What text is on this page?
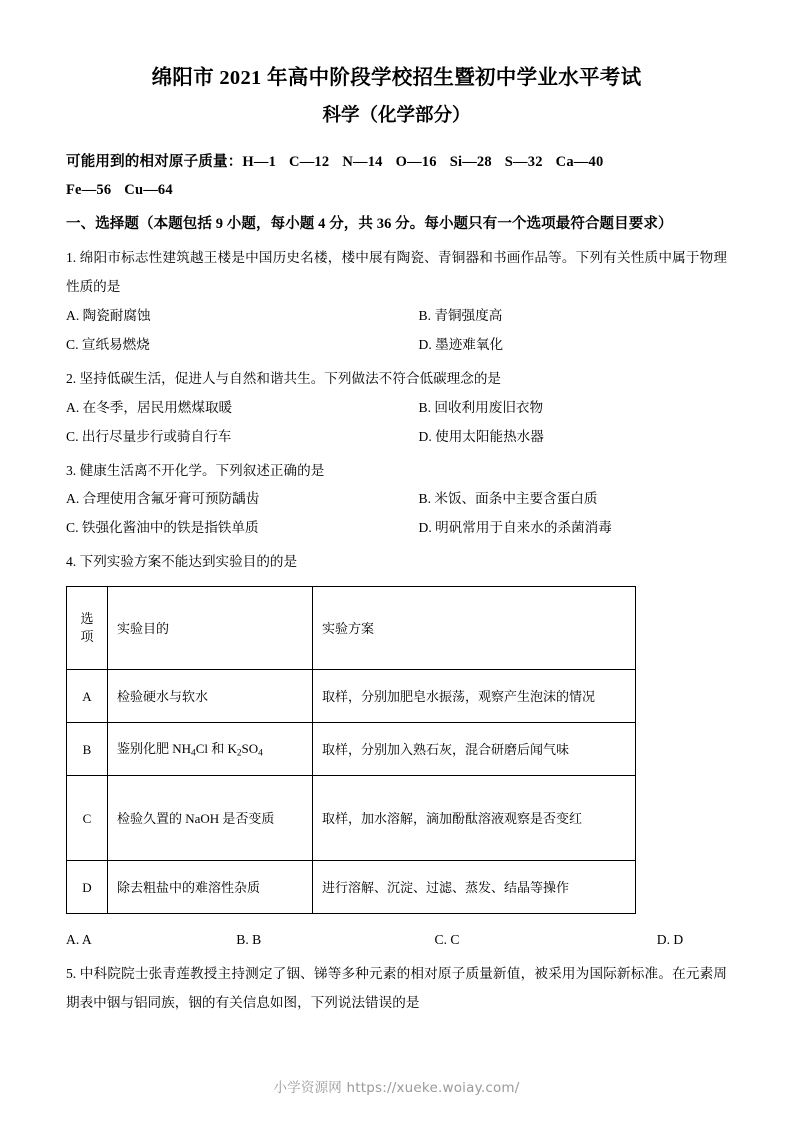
绵阳市 2021 年高中阶段学校招生暨初中学业水平考试
科学（化学部分）
可能用到的相对原子质量：H—1 C—12 N—14 O—16 Si—28 S—32 Ca—40
Fe—56 Cu—64
一、选择题（本题包括 9 小题，每小题 4 分，共 36 分。每小题只有一个选项最符合题目要求）
1. 绵阳市标志性建筑越王楼是中国历史名楼，楼中展有陶瓷、青铜器和书画作品等。下列有关性质中属于物理性质的是
A. 陶瓷耐腐蚀	B. 青铜强度高
C. 宣纸易燃烧	D. 墨迹难氧化
2. 坚持低碳生活，促进人与自然和谐共生。下列做法不符合低碳理念的是
A. 在冬季，居民用燃煤取暖	B. 回收利用废旧衣物
C. 出行尽量步行或骑自行车	D. 使用太阳能热水器
3. 健康生活离不开化学。下列叙述正确的是
A. 合理使用含氟牙膏可预防龋齿	B. 米饭、面条中主要含蛋白质
C. 铁强化酱油中的铁是指铁单质	D. 明矾常用于自来水的杀菌消毒
4. 下列实验方案不能达到实验目的的是
选
项	实验目的	实验方案
A	检验硬水与软水	取样，分别加肥皂水振荡，观察产生泡沫的情况
B	鉴别化肥 $NH_4Cl$ 和 $K_2SO_4$	取样，分别加入熟石灰，混合研磨后闻气味
C	检验久置的 NaOH 是否变质	取样，加水溶解，滴加酚酞溶液观察是否变红
D	除去粗盐中的难溶性杂质	进行溶解、沉淀、过滤、蒸发、结晶等操作
A. A	B. B	C. C	D. D
5. 中科院院士张青莲教授主持测定了铟、锑等多种元素的相对原子质量新值，被采用为国际新标准。在元素周期表中铟与铝同族，铟的有关信息如图，下列说法错误的是
小学资源网 https://xueke.woiay.com/
